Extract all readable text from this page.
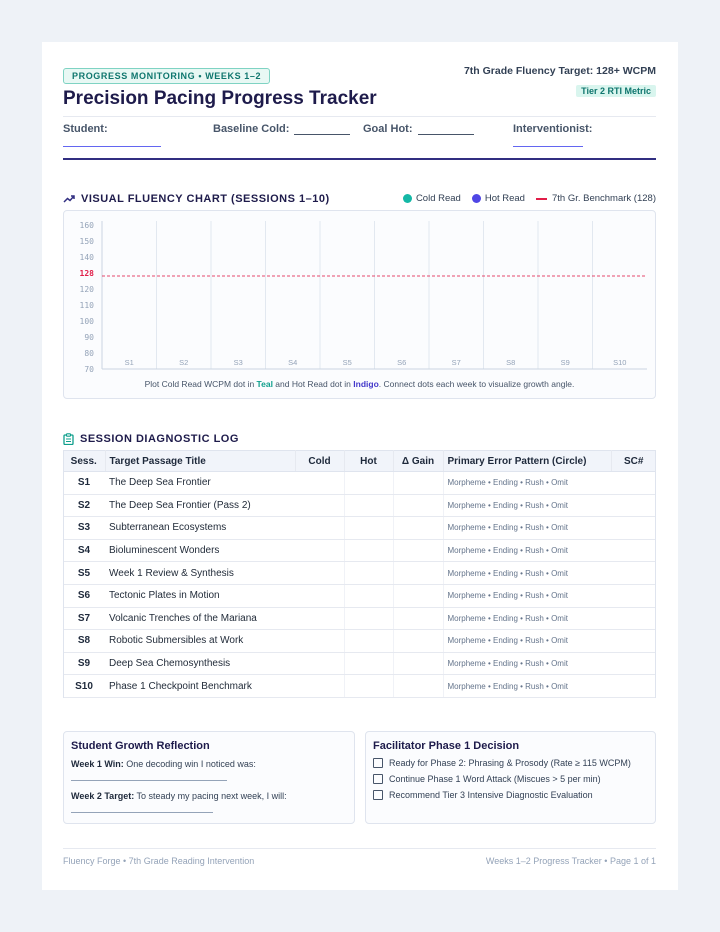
PROGRESS MONITORING • WEEKS 1–2
Precision Pacing Progress Tracker
7th Grade Fluency Target: 128+ WCPM
Tier 2 RTI Metric
Student:	Baseline Cold:	Goal Hot:	Interventionist:
VISUAL FLUENCY CHART (SESSIONS 1–10)	Cold Read	Hot Read	7th Gr. Benchmark (128)
160
150
140
128
120
110
100
90
80
70
S1	S2	S3	S4	S5	S6	S7	S8	S9	S10
Plot Cold Read WCPM dot in Teal and Hot Read dot in Indigo. Connect dots each week to visualize growth angle.
SESSION DIAGNOSTIC LOG
Sess.	Target Passage Title	Cold	Hot	Δ Gain	Primary Error Pattern (Circle)	SC#
S1	The Deep Sea Frontier				Morpheme • Ending • Rush • Omit	
S2	The Deep Sea Frontier (Pass 2)				Morpheme • Ending • Rush • Omit	
S3	Subterranean Ecosystems				Morpheme • Ending • Rush • Omit	
S4	Bioluminescent Wonders				Morpheme • Ending • Rush • Omit	
S5	Week 1 Review & Synthesis				Morpheme • Ending • Rush • Omit	
S6	Tectonic Plates in Motion				Morpheme • Ending • Rush • Omit	
S7	Volcanic Trenches of the Mariana				Morpheme • Ending • Rush • Omit	
S8	Robotic Submersibles at Work				Morpheme • Ending • Rush • Omit	
S9	Deep Sea Chemosynthesis				Morpheme • Ending • Rush • Omit	
S10	Phase 1 Checkpoint Benchmark				Morpheme • Ending • Rush • Omit	
Student Growth Reflection
Week 1 Win: One decoding win I noticed was:
Week 2 Target: To steady my pacing next week, I will:
Facilitator Phase 1 Decision
Ready for Phase 2: Phrasing & Prosody (Rate ≥ 115 WCPM)
Continue Phase 1 Word Attack (Miscues > 5 per min)
Recommend Tier 3 Intensive Diagnostic Evaluation
Fluency Forge • 7th Grade Reading Intervention	Weeks 1–2 Progress Tracker • Page 1 of 1
